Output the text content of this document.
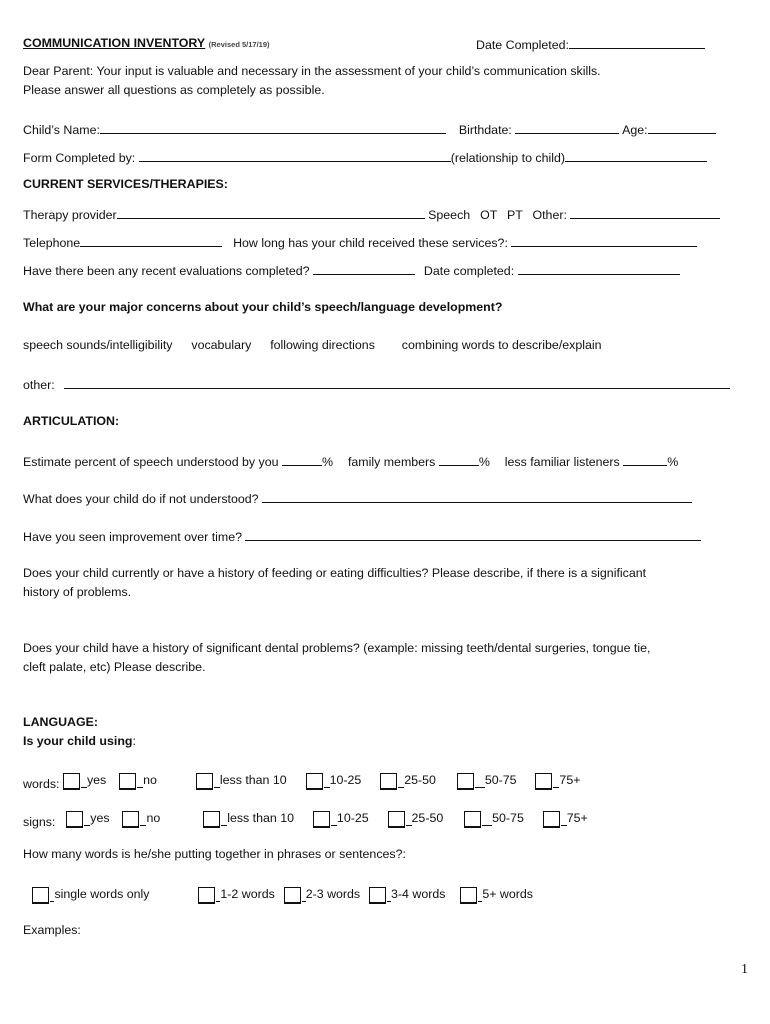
COMMUNICATION INVENTORY (Revised 5/17/19)	Date Completed:
Dear Parent: Your input is valuable and necessary in the assessment of your child’s communication skills.
Please answer all questions as completely as possible.
Child’s Name:	Birthdate:	Age:
Form Completed by:	(relationship to child)
CURRENT SERVICES/THERAPIES:
Therapy provider	Speech OT PT Other:
Telephone	How long has your child received these services?:
Have there been any recent evaluations completed?	Date completed:
What are your major concerns about your child’s speech/language development?
speech sounds/intelligibility vocabulary following directions combining words to describe/explain
other:
ARTICULATION:
Estimate percent of speech understood by you	% family members	% less familiar listeners	%
What does your child do if not understood?
Have you seen improvement over time?
Does your child currently or have a history of feeding or eating difficulties? Please describe, if there is a significant
history of problems.
Does your child have a history of significant dental problems? (example: missing teeth/dental surgeries, tongue tie,
cleft palate, etc) Please describe.
LANGUAGE:
Is your child using:
words: yes
	no
	less than 10
	10-25
	25-50
	50-75
	75+
signs:	yes
	no
	less than 10
	10-25
	25-50
	50-75
	75+
How many words is he/she putting together in phrases or sentences?:

single words only
	1-2 words
2-3 words
3-4 words
	5+ words
Examples:
1
